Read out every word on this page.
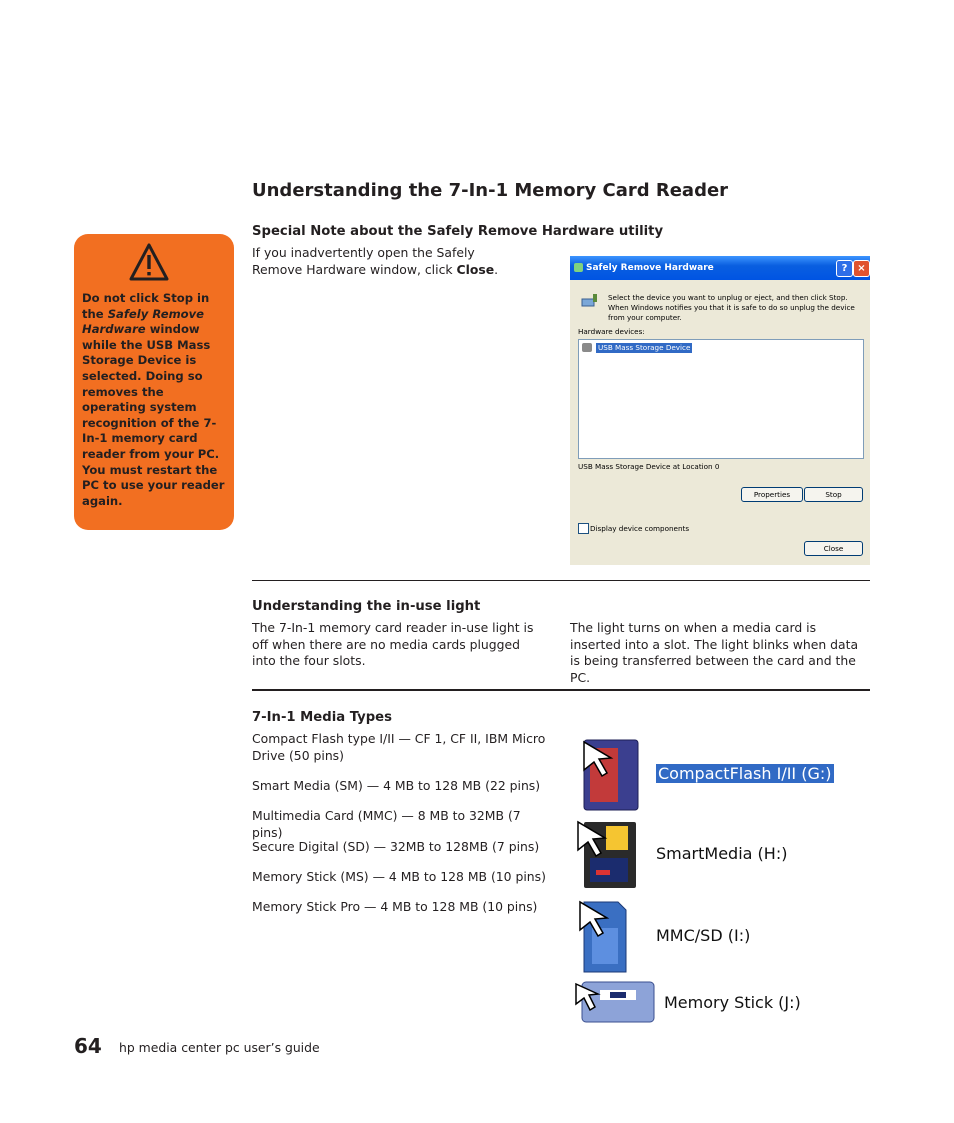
Understanding the 7-In-1 Memory Card Reader
Do not click Stop in the Safely Remove Hardware window while the USB Mass Storage Device is selected. Doing so removes the operating system recognition of the 7-In-1 memory card reader from your PC. You must restart the PC to use your reader again.
Special Note about the Safely Remove Hardware utility

If you inadvertently open the Safely Remove Hardware window, click Close.	Safely Remove Hardware	? ×
Select the device you want to unplug or eject, and then click Stop. When Windows notifies you that it is safe to do so unplug the device from your computer.
Hardware devices:
USB Mass Storage Device
USB Mass Storage Device at Location 0
Properties	Stop
Display device components
Close
Understanding the in-use light

The 7-In-1 memory card reader in-use light is off when there are no media cards plugged into the four slots.

The light turns on when a media card is inserted into a slot. The light blinks when data is being transferred between the card and the PC.

7-In-1 Media Types

Compact Flash type I/II — CF 1, CF II, IBM Micro Drive (50 pins)

Smart Media (SM) — 4 MB to 128 MB (22 pins)

Multimedia Card (MMC) — 8 MB to 32MB (7 pins)

Secure Digital (SD) — 32MB to 128MB (7 pins)

Memory Stick (MS) — 4 MB to 128 MB (10 pins)

Memory Stick Pro — 4 MB to 128 MB (10 pins)

CompactFlash I/II (G:)
SmartMedia (H:)
MMC/SD (I:)
Memory Stick (J:)
64 hp media center pc user’s guide
